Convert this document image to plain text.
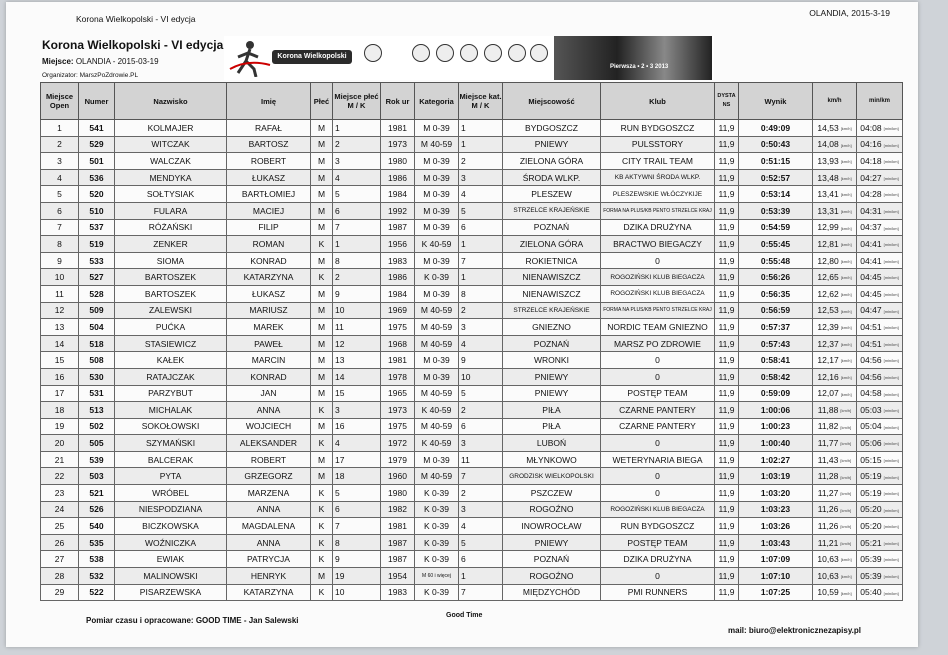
Korona Wielkopolski - VI edycja
OLANDIA, 2015-3-19
Korona Wielkopolski - VI edycja
Miejsce: OLANDIA - 2015-03-19
Organizator: MarszPoZdrowie.PL
Korona Wielkopolski
Pierwsza • 2 • 3 2013
Miejsce Open	Numer	Nazwisko	Imię	Płeć	Miejsce płeć M / K	Rok ur	Kategoria	Miejsce kat. M / K	Miejscowość	Klub	DYSTA NS	Wynik	km/h	min/km
1	541	KOLMAJER	RAFAŁ	M	1	1981	M 0-39	1	BYDGOSZCZ	RUN BYDGOSZCZ	11,9	0:49:09	14,53 [km/h]	04:08 [min/km]
2	529	WITCZAK	BARTOSZ	M	2	1973	M 40-59	1	PNIEWY	PULSSTORY	11,9	0:50:43	14,08 [km/h]	04:16 [min/km]
3	501	WALCZAK	ROBERT	M	3	1980	M 0-39	2	ZIELONA GÓRA	CITY TRAIL TEAM	11,9	0:51:15	13,93 [km/h]	04:18 [min/km]
4	536	MENDYKA	ŁUKASZ	M	4	1986	M 0-39	3	ŚRODA WLKP.	KB AKTYWNI ŚRODA WLKP.	11,9	0:52:57	13,48 [km/h]	04:27 [min/km]
5	520	SOŁTYSIAK	BARTŁOMIEJ	M	5	1984	M 0-39	4	PLESZEW	PLESZEWSKIE WŁÓCZYKIJE	11,9	0:53:14	13,41 [km/h]	04:28 [min/km]
6	510	FULARA	MACIEJ	M	6	1992	M 0-39	5	STRZELCE KRAJEŃSKIE	FORMA NA PLUS/KB PENTO STRZELCE KRAJ	11,9	0:53:39	13,31 [km/h]	04:31 [min/km]
7	537	RÓŻAŃSKI	FILIP	M	7	1987	M 0-39	6	POZNAŃ	DZIKA DRUŻYNA	11,9	0:54:59	12,99 [km/h]	04:37 [min/km]
8	519	ZENKER	ROMAN	K	1	1956	K 40-59	1	ZIELONA GÓRA	BRACTWO BIEGACZY	11,9	0:55:45	12,81 [km/h]	04:41 [min/km]
9	533	SIOMA	KONRAD	M	8	1983	M 0-39	7	ROKIETNICA	0	11,9	0:55:48	12,80 [km/h]	04:41 [min/km]
10	527	BARTOSZEK	KATARZYNA	K	2	1986	K 0-39	1	NIENAWISZCZ	ROGOZIŃSKI KLUB BIEGACZA	11,9	0:56:26	12,65 [km/h]	04:45 [min/km]
11	528	BARTOSZEK	ŁUKASZ	M	9	1984	M 0-39	8	NIENAWISZCZ	ROGOZIŃSKI KLUB BIEGACZA	11,9	0:56:35	12,62 [km/h]	04:45 [min/km]
12	509	ZALEWSKI	MARIUSZ	M	10	1969	M 40-59	2	STRZELCE KRAJEŃSKIE	FORMA NA PLUS/KB PENTO STRZELCE KRAJ	11,9	0:56:59	12,53 [km/h]	04:47 [min/km]
13	504	PUĆKA	MAREK	M	11	1975	M 40-59	3	GNIEZNO	NORDIC TEAM GNIEZNO	11,9	0:57:37	12,39 [km/h]	04:51 [min/km]
14	518	STASIEWICZ	PAWEŁ	M	12	1968	M 40-59	4	POZNAŃ	MARSZ PO ZDROWIE	11,9	0:57:43	12,37 [km/h]	04:51 [min/km]
15	508	KAŁEK	MARCIN	M	13	1981	M 0-39	9	WRONKI	0	11,9	0:58:41	12,17 [km/h]	04:56 [min/km]
16	530	RATAJCZAK	KONRAD	M	14	1978	M 0-39	10	PNIEWY	0	11,9	0:58:42	12,16 [km/h]	04:56 [min/km]
17	531	PARZYBUT	JAN	M	15	1965	M 40-59	5	PNIEWY	POSTĘP TEAM	11,9	0:59:09	12,07 [km/h]	04:58 [min/km]
18	513	MICHALAK	ANNA	K	3	1973	K 40-59	2	PIŁA	CZARNE PANTERY	11,9	1:00:06	11,88 [km/h]	05:03 [min/km]
19	502	SOKOŁOWSKI	WOJCIECH	M	16	1975	M 40-59	6	PIŁA	CZARNE PANTERY	11,9	1:00:23	11,82 [km/h]	05:04 [min/km]
20	505	SZYMAŃSKI	ALEKSANDER	K	4	1972	K 40-59	3	LUBOŃ	0	11,9	1:00:40	11,77 [km/h]	05:06 [min/km]
21	539	BALCERAK	ROBERT	M	17	1979	M 0-39	11	MŁYNKOWO	WETERYNARIA BIEGA	11,9	1:02:27	11,43 [km/h]	05:15 [min/km]
22	503	PYTA	GRZEGORZ	M	18	1960	M 40-59	7	GRODZISK WIELKOPOLSKI	0	11,9	1:03:19	11,28 [km/h]	05:19 [min/km]
23	521	WRÓBEL	MARZENA	K	5	1980	K 0-39	2	PSZCZEW	0	11,9	1:03:20	11,27 [km/h]	05:19 [min/km]
24	526	NIESPODZIANA	ANNA	K	6	1982	K 0-39	3	ROGOŹNO	ROGOZIŃSKI KLUB BIEGACZA	11,9	1:03:23	11,26 [km/h]	05:20 [min/km]
25	540	BICZKOWSKA	MAGDALENA	K	7	1981	K 0-39	4	INOWROCŁAW	RUN BYDGOSZCZ	11,9	1:03:26	11,26 [km/h]	05:20 [min/km]
26	535	WOŹNICZKA	ANNA	K	8	1987	K 0-39	5	PNIEWY	POSTĘP TEAM	11,9	1:03:43	11,21 [km/h]	05:21 [min/km]
27	538	EWIAK	PATRYCJA	K	9	1987	K 0-39	6	POZNAŃ	DZIKA DRUŻYNA	11,9	1:07:09	10,63 [km/h]	05:39 [min/km]
28	532	MALINOWSKI	HENRYK	M	19	1954	M 60 i więcej	1	ROGOŹNO	0	11,9	1:07:10	10,63 [km/h]	05:39 [min/km]
29	522	PISARZEWSKA	KATARZYNA	K	10	1983	K 0-39	7	MIĘDZYCHÓD	PMI RUNNERS	11,9	1:07:25	10,59 [km/h]	05:40 [min/km]
Pomiar czasu i opracowane: GOOD TIME - Jan Salewski
Good Time
mail: biuro@elektronicznezapisy.pl
